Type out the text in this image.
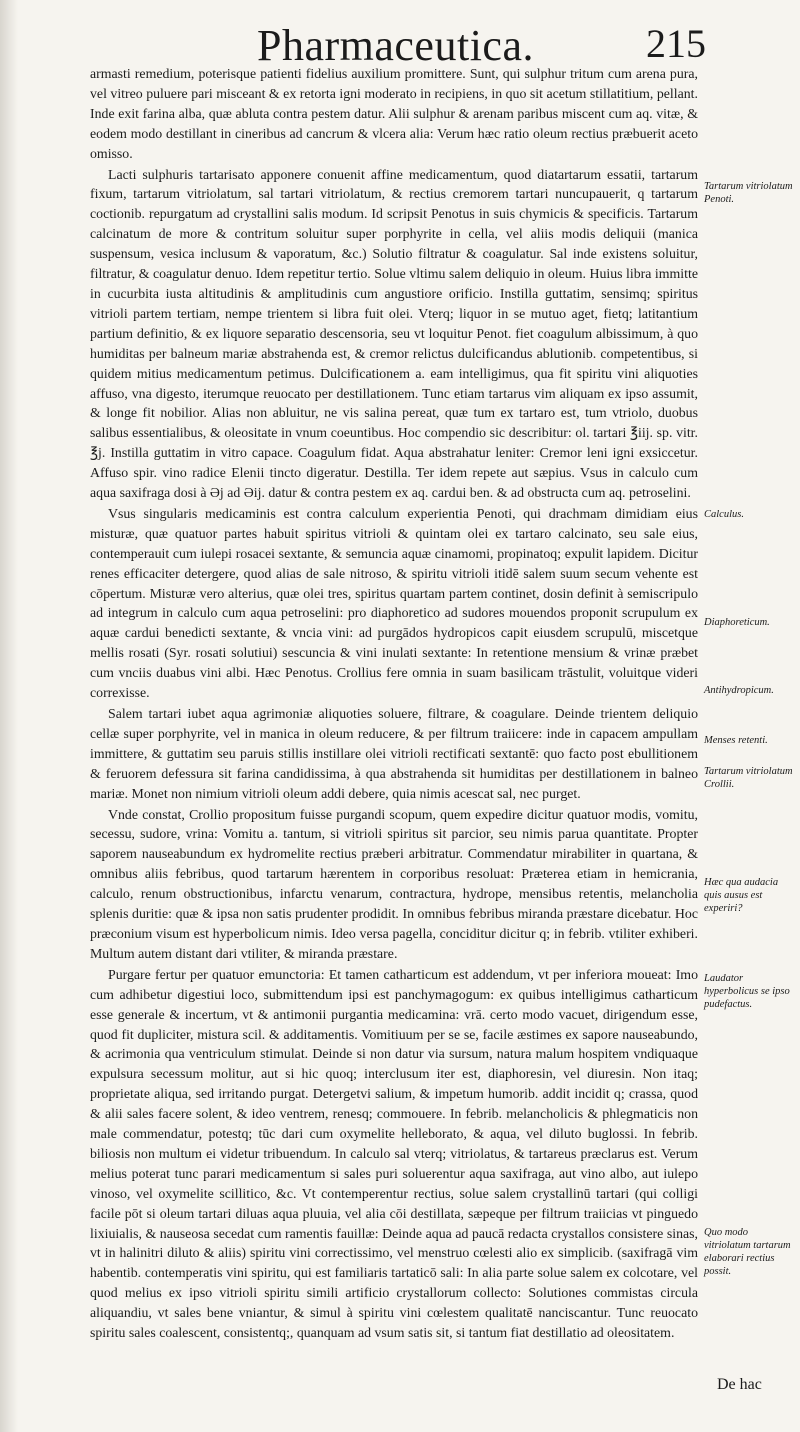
Pharmaceutica.	215

armasti remedium, poterisque patienti fidelius auxilium promittere. Sunt, qui sulphur tritum cum arena pura, vel vitreo puluere pari misceant & ex retorta igni moderato in recipiens, in quo sit acetum stillatitium, pellant. Inde exit farina alba, quæ abluta contra pestem datur. Alii sulphur & arenam paribus miscent cum aq. vitæ, & eodem modo destillant in cineribus ad cancrum & vlcera alia: Verum hæc ratio oleum rectius præbuerit aceto omisso.

Lacti sulphuris tartarisato apponere conuenit affine medicamentum, quod diatartarum essatii, tartarum fixum, tartarum vitriolatum, sal tartari vitriolatum, & rectius cremorem tartari nuncupauerit, q tartarum coctionib. repurgatum ad crystallini salis modum. Id scripsit Penotus in suis chymicis & specificis. Tartarum calcinatum de more & contritum soluitur super porphyrite in cella, vel aliis modis deliquii (manica suspensum, vesica inclusum & vaporatum, &c.) Solutio filtratur & coagulatur. Sal inde existens soluitur, filtratur, & coagulatur denuo. Idem repetitur tertio. Solue vltimu salem deliquio in oleum. Huius libra immitte in cucurbita iusta altitudinis & amplitudinis cum angustiore orificio. Instilla guttatim, sensimq; spiritus vitrioli partem tertiam, nempe trientem si libra fuit olei. Vterq; liquor in se mutuo aget, fietq; latitantium partium definitio, & ex liquore separatio descensoria, seu vt loquitur Penot. fiet coagulum albissimum, à quo humiditas per balneum mariæ abstrahenda est, & cremor relictus dulcificandus ablutionib. competentibus, si quidem mitius medicamentum petimus. Dulcificationem a. eam intelligimus, qua fit spiritu vini aliquoties affuso, vna digesto, iterumque reuocato per destillationem. Tunc etiam tartarus vim aliquam ex ipso assumit, & longe fit nobilior. Alias non abluitur, ne vis salina pereat, quæ tum ex tartaro est, tum vtriolo, duobus salibus essentialibus, & oleositate in vnum coeuntibus. Hoc compendio sic describitur: ol. tartari ℥iij. sp. vitr. ℥j. Instilla guttatim in vitro capace. Coagulum fidat. Aqua abstrahatur leniter: Cremor leni igni exsiccetur. Affuso spir. vino radice Elenii tincto digeratur. Destilla. Ter idem repete aut sæpius. Vsus in calculo cum aqua saxifraga dosi à Əj ad Əij. datur & contra pestem ex aq. cardui ben. & ad obstructa cum aq. petroselini.

Vsus singularis medicaminis est contra calculum experientia Penoti, qui drachmam dimidiam eius misturæ, quæ quatuor partes habuit spiritus vitrioli & quintam olei ex tartaro calcinato, seu sale eius, contemperauit cum iulepi rosacei sextante, & semuncia aquæ cinamomi, propinatoq; expulit lapidem. Dicitur renes efficaciter detergere, quod alias de sale nitroso, & spiritu vitrioli itidē salem suum secum vehente est cōpertum. Misturæ vero alterius, quæ olei tres, spiritus quartam partem continet, dosin definit à semiscripulo ad integrum in calculo cum aqua petroselini: pro diaphoretico ad sudores mouendos proponit scrupulum ex aquæ cardui benedicti sextante, & vncia vini: ad purgādos hydropicos capit eiusdem scrupulū, miscetque mellis rosati (Syr. rosati solutiui) sescuncia & vini inulati sextante: In retentione mensium & vrinæ præbet cum vnciis duabus vini albi. Hæc Penotus. Crollius fere omnia in suam basilicam trāstulit, voluitque videri correxisse.

Salem tartari iubet aqua agrimoniæ aliquoties soluere, filtrare, & coagulare. Deinde trientem deliquio cellæ super porphyrite, vel in manica in oleum reducere, & per filtrum traiicere: inde in capacem ampullam immittere, & guttatim seu paruis stillis instillare olei vitrioli rectificati sextantē: quo facto post ebullitionem & feruorem defessura sit farina candidissima, à qua abstrahenda sit humiditas per destillationem in balneo mariæ. Monet non nimium vitrioli oleum addi debere, quia nimis acescat sal, nec purget.

Vnde constat, Crollio propositum fuisse purgandi scopum, quem expedire dicitur quatuor modis, vomitu, secessu, sudore, vrina: Vomitu a. tantum, si vitrioli spiritus sit parcior, seu nimis parua quantitate. Propter saporem nauseabundum ex hydromelite rectius præberi arbitratur. Commendatur mirabiliter in quartana, & omnibus aliis febribus, quod tartarum hærentem in corporibus resoluat: Præterea etiam in hemicrania, calculo, renum obstructionibus, infarctu venarum, contractura, hydrope, mensibus retentis, melancholia splenis duritie: quæ & ipsa non satis prudenter prodidit. In omnibus febribus miranda præstare dicebatur. Hoc præconium visum est hyperbolicum nimis. Ideo versa pagella, conciditur dicitur q; in febrib. vtiliter exhiberi. Multum autem distant dari vtiliter, & miranda præstare.

Purgare fertur per quatuor emunctoria: Et tamen catharticum est addendum, vt per inferiora moueat: Imo cum adhibetur digestiui loco, submittendum ipsi est panchymagogum: ex quibus intelligimus catharticum esse generale & incertum, vt & antimonii purgantia medicamina: vrā. certo modo vacuet, dirigendum esse, quod fit dupliciter, mistura scil. & additamentis. Vomitiuum per se se, facile æstimes ex sapore nauseabundo, & acrimonia qua ventriculum stimulat. Deinde si non datur via sursum, natura malum hospitem vndiquaque expulsura secessum molitur, aut si hic quoq; interclusum iter est, diaphoresin, vel diuresin. Non itaq; proprietate aliqua, sed irritando purgat. Detergetvi salium, & impetum humorib. addit incidit q; crassa, quod & alii sales facere solent, & ideo ventrem, renesq; commouere. In febrib. melancholicis & phlegmaticis non male commendatur, potestq; tūc dari cum oxymelite helleborato, & aqua, vel diluto buglossi. In febrib. biliosis non multum ei videtur tribuendum. In calculo sal vterq; vitriolatus, & tartareus præclarus est. Verum melius poterat tunc parari medicamentum si sales puri soluerentur aqua saxifraga, aut vino albo, aut iulepo vinoso, vel oxymelite scillitico, &c. Vt contemperentur rectius, solue salem crystallinū tartari (qui colligi facile pōt si oleum tartari diluas aqua pluuia, vel alia cōi destillata, sæpeque per filtrum traiicias vt pinguedo lixiuialis, & nauseosa secedat cum ramentis fauillæ: Deinde aqua ad paucā redacta crystallos consistere sinas, vt in halinitri diluto & aliis) spiritu vini correctissimo, vel menstruo cœlesti alio ex simplicib. (saxifragā vim habentib. contemperatis vini spiritu, qui est familiaris tartaticō sali: In alia parte solue salem ex colcotare, vel quod melius ex ipso vitrioli spiritu simili artificio crystallorum collecto: Solutiones commistas circula aliquandiu, vt sales bene vniantur, & simul à spiritu vini cœlestem qualitatē nanciscantur. Tunc reuocato spiritu sales coalescent, consistentq;, quanquam ad vsum satis sit, si tantum fiat destillatio ad oleositatem.

Tartarum vitriolatum Penoti.
Calculus.
Diaphoreticum.
Antihydropicum.
Menses retenti.
Tartarum vitriolatum Crollii.
Hæc qua audacia quis ausus est experiri?
Laudator hyperbolicus se ipso pudefactus.
Quo modo vitriolatum tartarum elaborari rectius possit.
De hac
